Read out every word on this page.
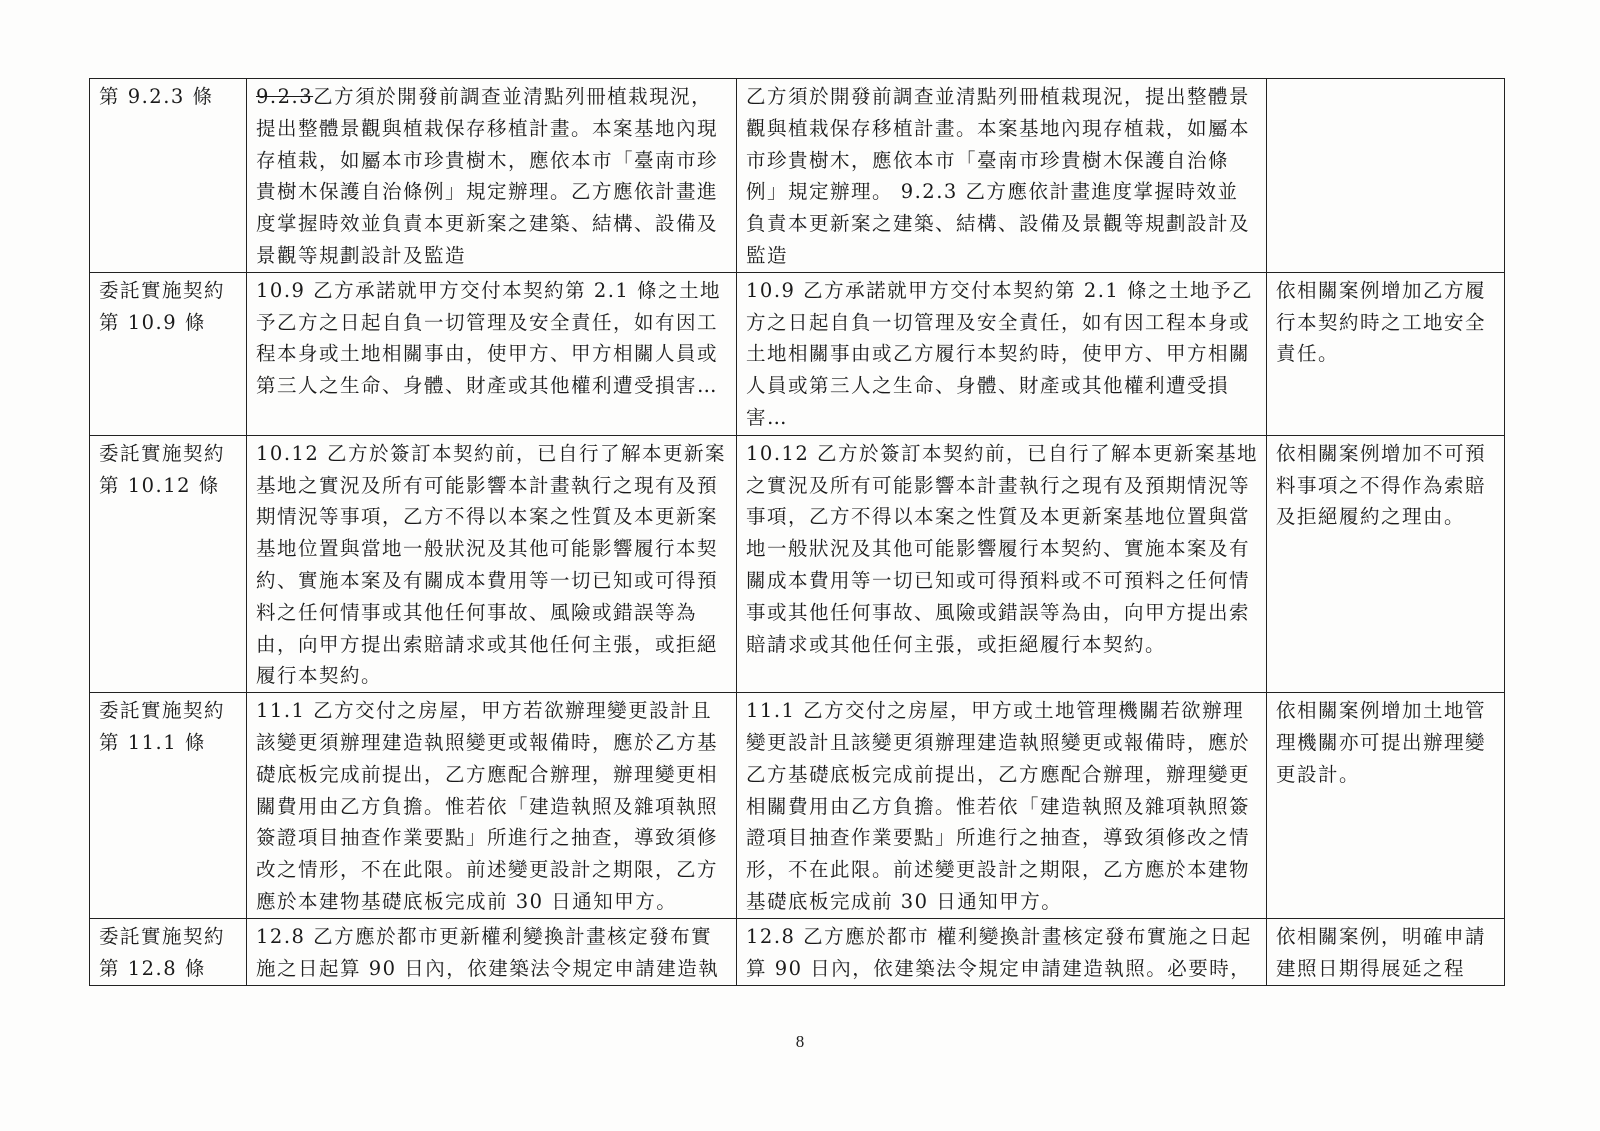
第 9.2.3 條	9.2.3乙方須於開發前調查並清點列冊植栽現況，提出整體景觀與植栽保存移植計畫。本案基地內現存植栽，如屬本市珍貴樹木，應依本市「臺南市珍貴樹木保護自治條例」規定辦理。乙方應依計畫進度掌握時效並負責本更新案之建築、結構、設備及景觀等規劃設計及監造	乙方須於開發前調查並清點列冊植栽現況，提出整體景觀與植栽保存移植計畫。本案基地內現存植栽，如屬本市珍貴樹木，應依本市「臺南市珍貴樹木保護自治條例」規定辦理。 9.2.3 乙方應依計畫進度掌握時效並負責本更新案之建築、結構、設備及景觀等規劃設計及監造	

委託實施契約第 10.9 條	10.9 乙方承諾就甲方交付本契約第 2.1 條之土地予乙方之日起自負一切管理及安全責任，如有因工程本身或土地相關事由，使甲方、甲方相關人員或第三人之生命、身體、財產或其他權利遭受損害…	10.9 乙方承諾就甲方交付本契約第 2.1 條之土地予乙方之日起自負一切管理及安全責任，如有因工程本身或土地相關事由或乙方履行本契約時，使甲方、甲方相關人員或第三人之生命、身體、財產或其他權利遭受損害…	依相關案例增加乙方履行本契約時之工地安全責任。

委託實施契約第 10.12 條	10.12 乙方於簽訂本契約前，已自行了解本更新案基地之實況及所有可能影響本計畫執行之現有及預期情況等事項，乙方不得以本案之性質及本更新案基地位置與當地一般狀況及其他可能影響履行本契約、實施本案及有關成本費用等一切已知或可得預料之任何情事或其他任何事故、風險或錯誤等為由，向甲方提出索賠請求或其他任何主張，或拒絕履行本契約。	10.12 乙方於簽訂本契約前，已自行了解本更新案基地之實況及所有可能影響本計畫執行之現有及預期情況等事項，乙方不得以本案之性質及本更新案基地位置與當地一般狀況及其他可能影響履行本契約、實施本案及有關成本費用等一切已知或可得預料或不可預料之任何情事或其他任何事故、風險或錯誤等為由，向甲方提出索賠請求或其他任何主張，或拒絕履行本契約。	依相關案例增加不可預料事項之不得作為索賠及拒絕履約之理由。

委託實施契約第 11.1 條	11.1 乙方交付之房屋，甲方若欲辦理變更設計且該變更須辦理建造執照變更或報備時，應於乙方基礎底板完成前提出，乙方應配合辦理，辦理變更相關費用由乙方負擔。惟若依「建造執照及雜項執照簽證項目抽查作業要點」所進行之抽查，導致須修改之情形，不在此限。前述變更設計之期限，乙方應於本建物基礎底板完成前 30 日通知甲方。	11.1 乙方交付之房屋，甲方或土地管理機關若欲辦理變更設計且該變更須辦理建造執照變更或報備時，應於乙方基礎底板完成前提出，乙方應配合辦理，辦理變更相關費用由乙方負擔。惟若依「建造執照及雜項執照簽證項目抽查作業要點」所進行之抽查，導致須修改之情形，不在此限。前述變更設計之期限，乙方應於本建物基礎底板完成前 30 日通知甲方。	依相關案例增加土地管理機關亦可提出辦理變更設計。

委託實施契約第 12.8 條	12.8 乙方應於都市更新權利變換計畫核定發布實施之日起算 90 日內，依建築法令規定申請建造執	12.8 乙方應於都市 權利變換計畫核定發布實施之日起算 90 日內，依建築法令規定申請建造執照。必要時，	依相關案例，明確申請建照日期得展延之程
8
